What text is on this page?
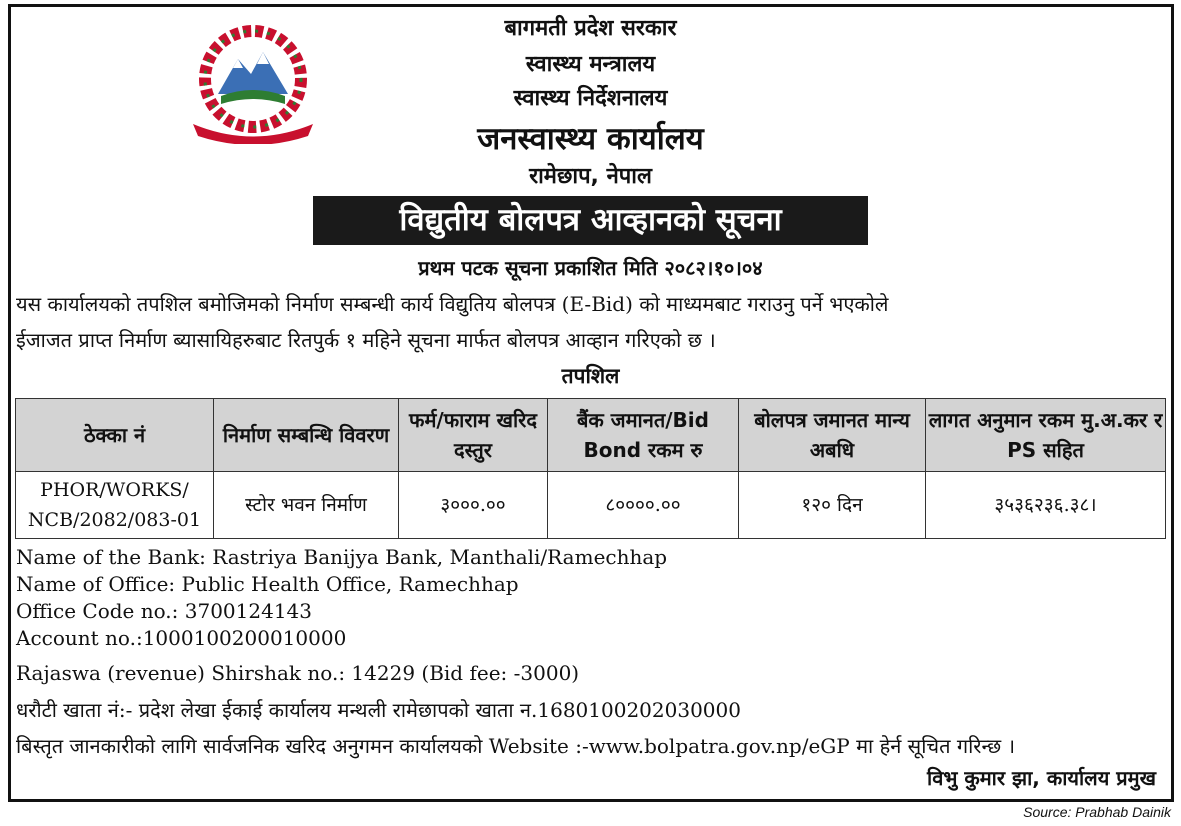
बागमती प्रदेश सरकार
स्वास्थ्य मन्त्रालय
स्वास्थ्य निर्देशनालय
जनस्वास्थ्य कार्यालय
रामेछाप, नेपाल
विद्युतीय बोलपत्र आव्हानको सूचना
प्रथम पटक सूचना प्रकाशित मिति २०८२।१०।०४
यस कार्यालयको तपशिल बमोजिमको निर्माण सम्बन्धी कार्य विद्युतिय बोलपत्र (E-Bid) को माध्यमबाट गराउनु पर्ने भएकोले
ईजाजत प्राप्त निर्माण ब्यासायिहरुबाट रितपुर्क १ महिने सूचना मार्फत बोलपत्र आव्हान गरिएको छ ।
तपशिल
ठेक्का नं	निर्माण सम्बन्धि विवरण	फर्म/फाराम खरिद दस्तुर	बैंक जमानत/Bid Bond रकम रु	बोलपत्र जमानत मान्य अबधि	लागत अनुमान रकम मु.अ.कर र PS सहित
PHOR/WORKS/ NCB/2082/083-01	स्टोर भवन निर्माण	३०००.००	८००००.००	१२० दिन	३५३६२३६.३८।
Name of the Bank: Rastriya Banijya Bank, Manthali/Ramechhap
Name of Office: Public Health Office, Ramechhap
Office Code no.: 3700124143
Account no.:1000100200010000
Rajaswa (revenue) Shirshak no.: 14229 (Bid fee: -3000)
धरौटी खाता नं:- प्रदेश लेखा ईकाई कार्यालय मन्थली रामेछापको खाता न.1680100202030000
बिस्तृत जानकारीको लागि सार्वजनिक खरिद अनुगमन कार्यालयको Website :-www.bolpatra.gov.np/eGP मा हेर्न सूचित गरिन्छ ।
विभु कुमार झा, कार्यालय प्रमुख
Source: Prabhab Dainik
